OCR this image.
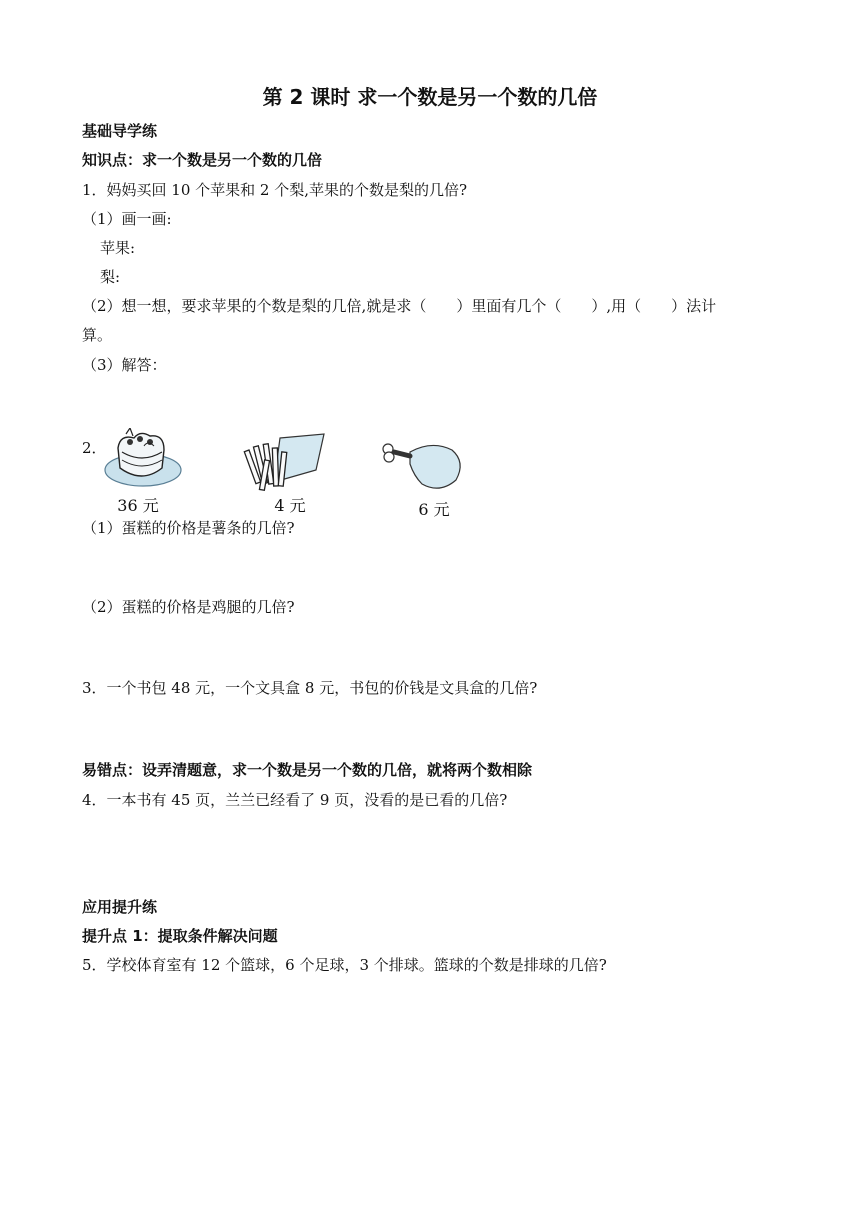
第 2 课时 求一个数是另一个数的几倍
基础导学练
知识点：求一个数是另一个数的几倍
1．妈妈买回 10 个苹果和 2 个梨,苹果的个数是梨的几倍?
（1）画一画:
苹果:
梨:
（2）想一想，要求苹果的个数是梨的几倍,就是求（　　）里面有几个（　　）,用（　　）法计
算。
（3）解答：
2．
36 元	4 元	6 元
（1）蛋糕的价格是薯条的几倍?
（2）蛋糕的价格是鸡腿的几倍?
3．一个书包 48 元，一个文具盒 8 元，书包的价钱是文具盒的几倍?
易错点：设弄清题意，求一个数是另一个数的几倍，就将两个数相除
4．一本书有 45 页，兰兰已经看了 9 页，没看的是已看的几倍?
应用提升练
提升点 1：提取条件解决问题
5．学校体育室有 12 个篮球，6 个足球，3 个排球。篮球的个数是排球的几倍?
